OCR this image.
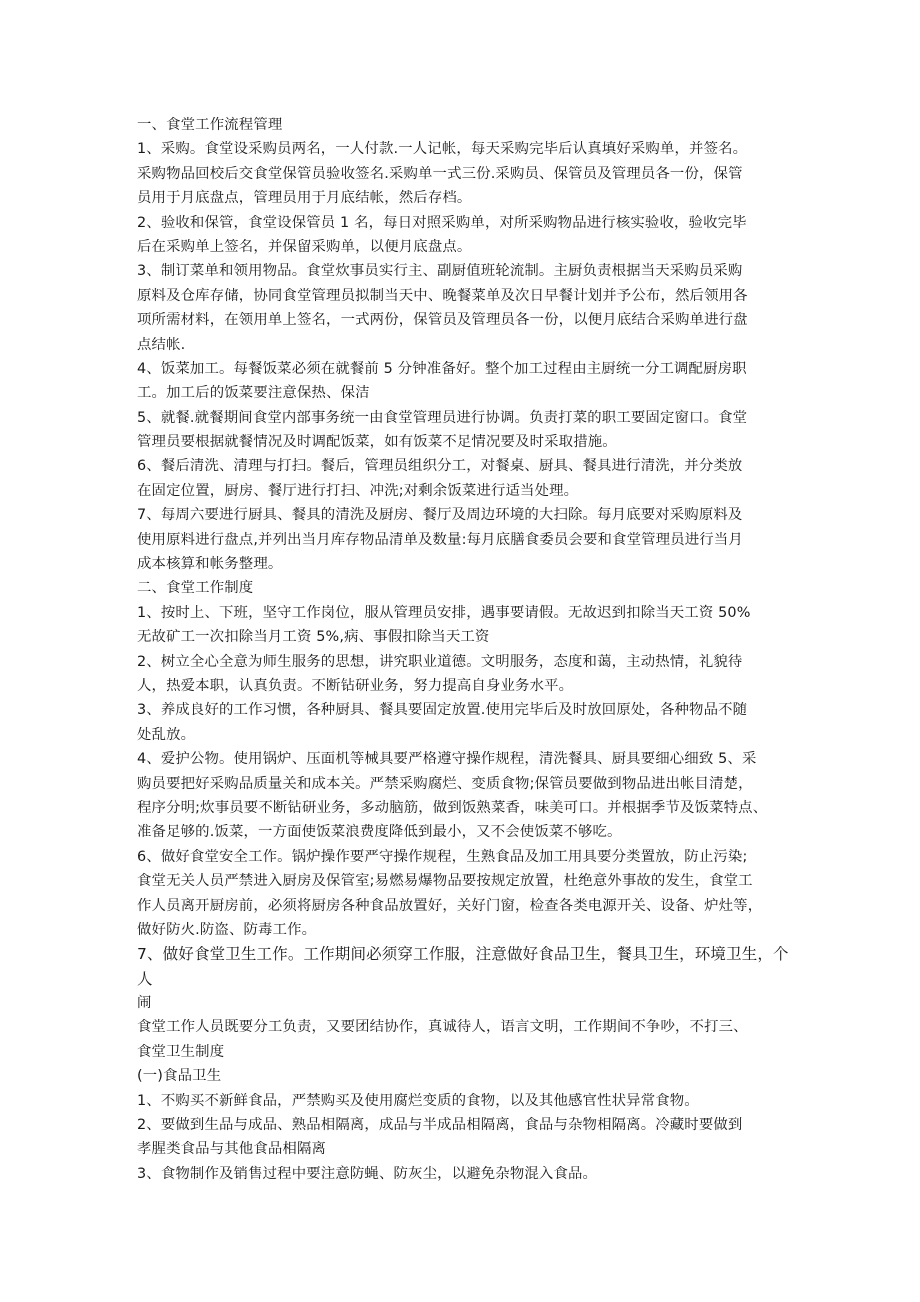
一、食堂工作流程管理
1、采购。食堂设采购员两名，一人付款.一人记帐，每天采购完毕后认真填好采购单，并签名。
采购物品回校后交食堂保管员验收签名.采购单一式三份.采购员、保管员及管理员各一份，保管
员用于月底盘点，管理员用于月底结帐，然后存档。
2、验收和保管，食堂设保管员 1 名，每日对照采购单，对所采购物品进行核实验收，验收完毕
后在采购单上签名，并保留采购单，以便月底盘点。
3、制订菜单和领用物品。食堂炊事员实行主、副厨值班轮流制。主厨负责根据当天采购员采购
原料及仓库存储，协同食堂管理员拟制当天中、晚餐菜单及次日早餐计划并予公布，然后领用各
项所需材料，在领用单上签名，一式两份，保管员及管理员各一份，以便月底结合采购单进行盘
点结帐.
4、饭菜加工。每餐饭菜必须在就餐前 5 分钟准备好。整个加工过程由主厨统一分工调配厨房职
工。加工后的饭菜要注意保热、保洁
5、就餐.就餐期间食堂内部事务统一由食堂管理员进行协调。负责打菜的职工要固定窗口。食堂
管理员要根据就餐情况及时调配饭菜，如有饭菜不足情况要及时采取措施。
6、餐后清洗、清理与打扫。餐后，管理员组织分工，对餐桌、厨具、餐具进行清洗，并分类放
在固定位置，厨房、餐厅进行打扫、冲洗;对剩余饭菜进行适当处理。
7、每周六要进行厨具、餐具的清洗及厨房、餐厅及周边环境的大扫除。每月底要对采购原料及
使用原料进行盘点,并列出当月库存物品清单及数量:每月底膳食委员会要和食堂管理员进行当月
成本核算和帐务整理。
二、食堂工作制度
1、按时上、下班，坚守工作岗位，服从管理员安排，遇事要请假。无故迟到扣除当天工资 50%
无故矿工一次扣除当月工资 5%,病、事假扣除当天工资
2、树立全心全意为师生服务的思想，讲究职业道德。文明服务，态度和蔼，主动热情，礼貌待
人，热爱本职，认真负责。不断钻研业务，努力提高自身业务水平。
3、养成良好的工作习惯，各种厨具、餐具要固定放置.使用完毕后及时放回原处，各种物品不随
处乱放。
4、爱护公物。使用锅炉、压面机等械具要严格遵守操作规程，清洗餐具、厨具要细心细致 5、采
购员要把好采购品质量关和成本关。严禁采购腐烂、变质食物;保管员要做到物品进出帐目清楚，
程序分明;炊事员要不断钻研业务，多动脑筋，做到饭熟菜香，味美可口。并根据季节及饭菜特点、
准备足够的.饭菜，一方面使饭菜浪费度降低到最小，又不会使饭菜不够吃。
6、做好食堂安全工作。锅炉操作要严守操作规程，生熟食品及加工用具要分类置放，防止污染;
食堂无关人员严禁进入厨房及保管室;易燃易爆物品要按规定放置，杜绝意外事故的发生，食堂工
作人员离开厨房前，必须将厨房各种食品放置好，关好门窗，检查各类电源开关、设备、炉灶等，
做好防火.防盗、防毒工作。
7、做好食堂卫生工作。工作期间必须穿工作服，注意做好食品卫生，餐具卫生，环境卫生，个
人
闹
食堂工作人员既要分工负责，又要团结协作，真诚待人，语言文明，工作期间不争吵，不打三、
食堂卫生制度
(一)食品卫生
1、不购买不新鲜食品，严禁购买及使用腐烂变质的食物，以及其他感官性状异常食物。
2、要做到生品与成品、熟品相隔离，成品与半成品相隔离，食品与杂物相隔离。冷藏时要做到
孝腥类食品与其他食品相隔离
3、食物制作及销售过程中要注意防蝇、防灰尘，以避免杂物混入食品。
